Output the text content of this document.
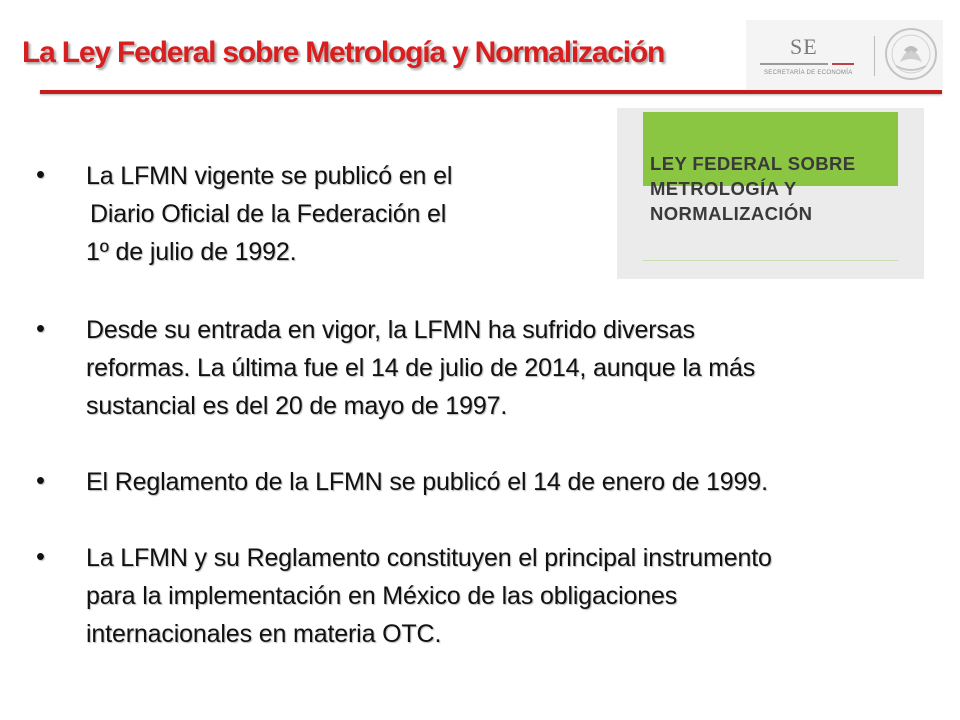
La Ley Federal sobre Metrología y Normalización	SE
SECRETARÍA DE ECONOMÍA
LEY FEDERAL SOBRE
METROLOGÍA Y
NORMALIZACIÓN
• La LFMN vigente se publicó en el
Diario Oficial de la Federación el
1º de julio de 1992.
• Desde su entrada en vigor, la LFMN ha sufrido diversas
reformas. La última fue el 14 de julio de 2014, aunque la más
sustancial es del 20 de mayo de 1997.
• El Reglamento de la LFMN se publicó el 14 de enero de 1999.
• La LFMN y su Reglamento constituyen el principal instrumento
para la implementación en México de las obligaciones
internacionales en materia OTC.
